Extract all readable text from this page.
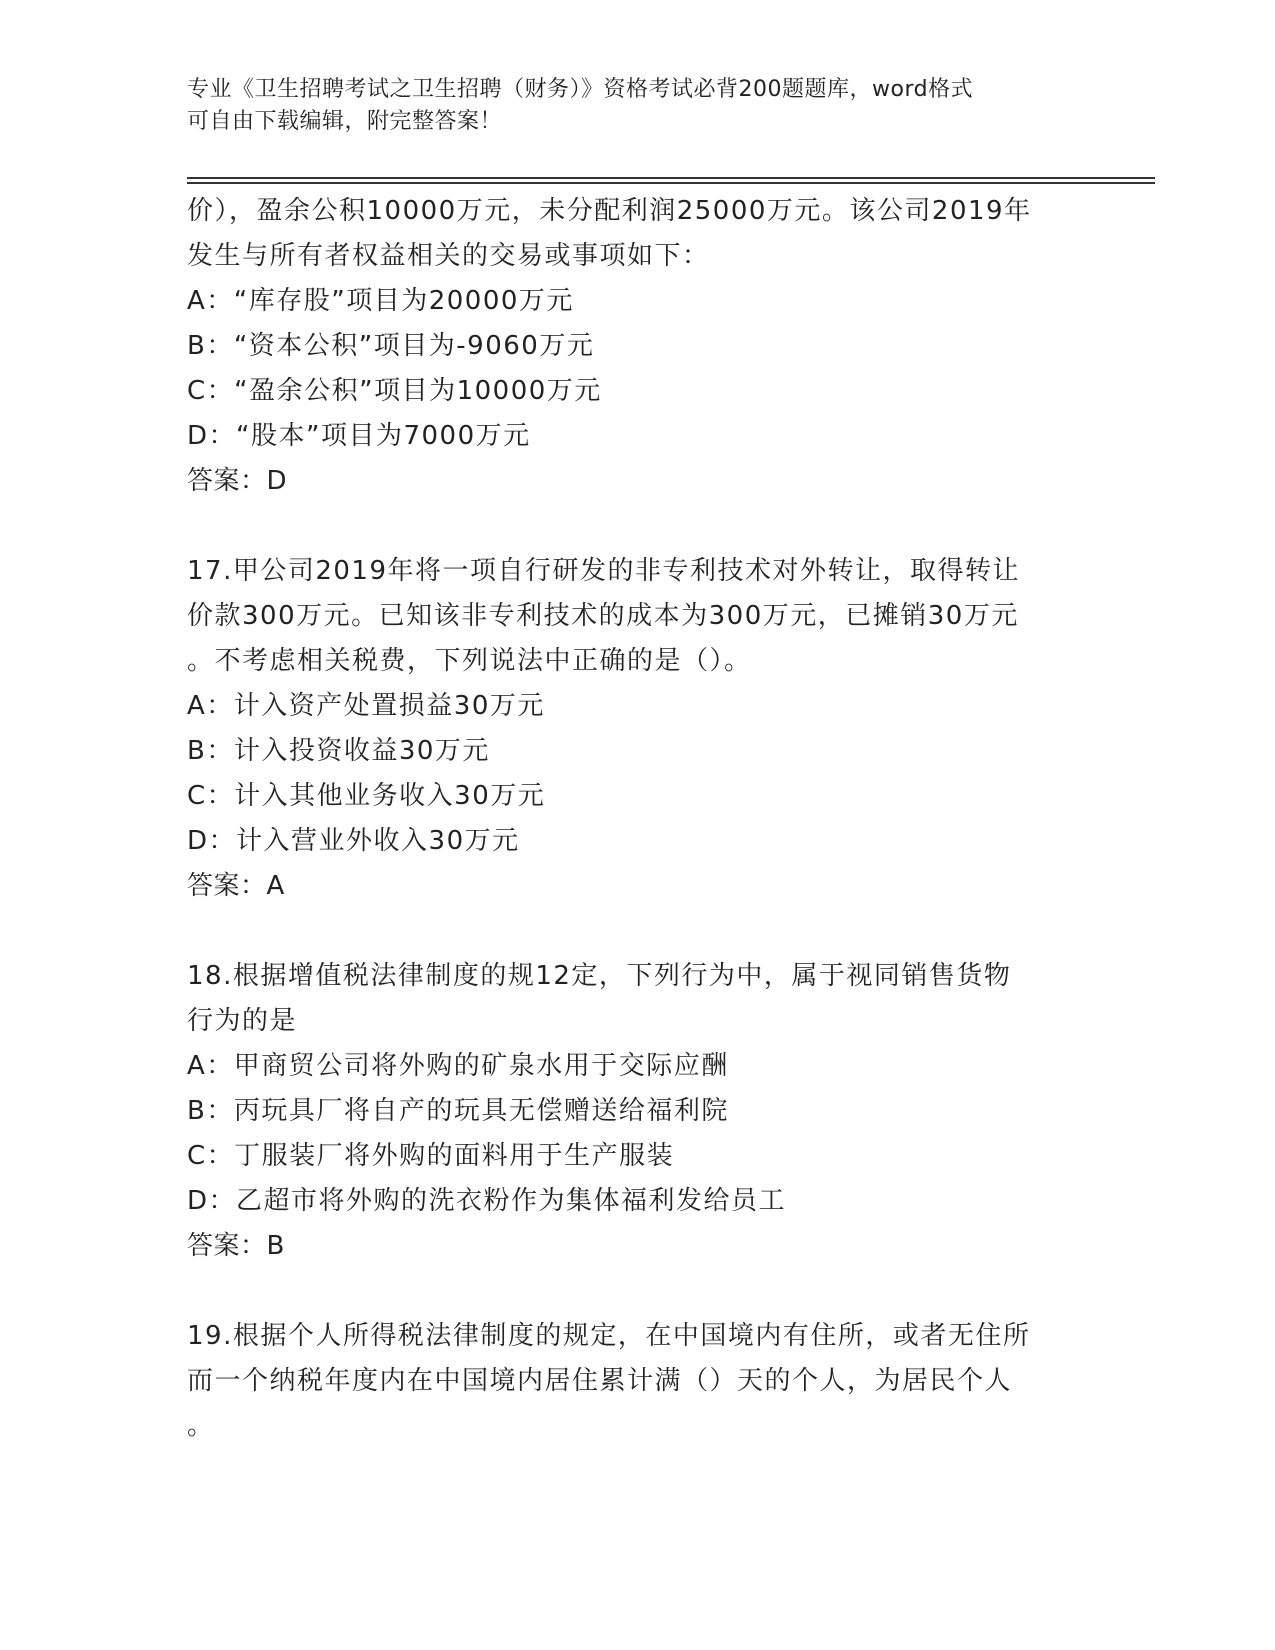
专业《卫生招聘考试之卫生招聘（财务）》资格考试必背200题题库，word格式
可自由下载编辑，附完整答案！
价），盈余公积10000万元，未分配利润25000万元。该公司2019年
发生与所有者权益相关的交易或事项如下：
A：“库存股”项目为20000万元
B：“资本公积”项目为-9060万元
C：“盈余公积”项目为10000万元
D：“股本”项目为7000万元
答案：D
17.甲公司2019年将一项自行研发的非专利技术对外转让，取得转让
价款300万元。已知该非专利技术的成本为300万元，已摊销30万元
。不考虑相关税费，下列说法中正确的是（）。
A：计入资产处置损益30万元
B：计入投资收益30万元
C：计入其他业务收入30万元
D：计入营业外收入30万元
答案：A
18.根据增值税法律制度的规12定，下列行为中，属于视同销售货物
行为的是
A：甲商贸公司将外购的矿泉水用于交际应酬
B：丙玩具厂将自产的玩具无偿赠送给福利院
C：丁服装厂将外购的面料用于生产服装
D：乙超市将外购的洗衣粉作为集体福利发给员工
答案：B
19.根据个人所得税法律制度的规定，在中国境内有住所，或者无住所
而一个纳税年度内在中国境内居住累计满（）天的个人，为居民个人
。
